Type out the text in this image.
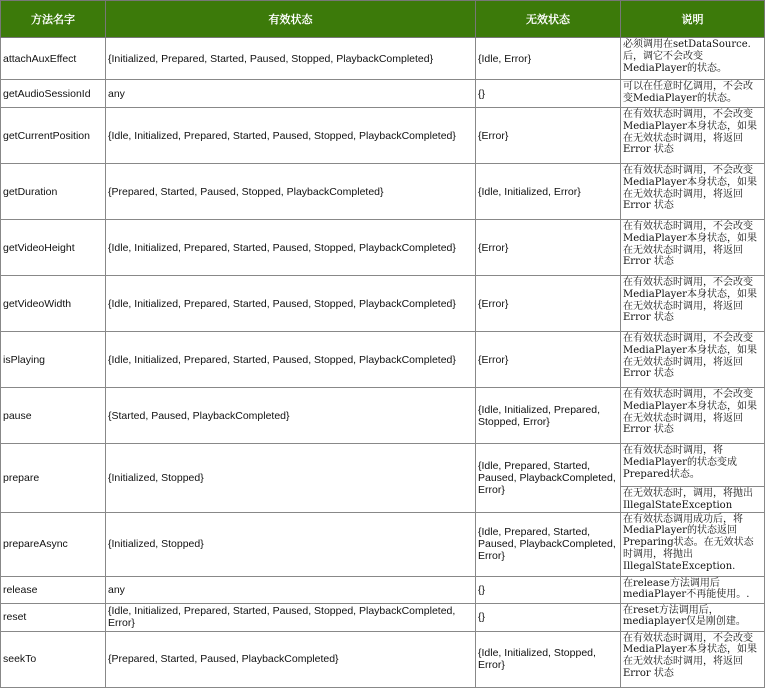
方法名字	有效状态	无效状态	说明
attachAuxEffect	{Initialized, Prepared, Started, Paused, Stopped, PlaybackCompleted}	{Idle, Error}	必须调用在setDataSource.后，调它不会改变MediaPlayer的状态。
getAudioSessionId	any	{}	可以在任意时亿调用，不会改变MediaPlayer的状态。
getCurrentPosition	{Idle, Initialized, Prepared, Started, Paused, Stopped, PlaybackCompleted}	{Error}	在有效状态时调用，不会改变MediaPlayer本身状态，如果在无效状态时调用，将返回Error 状态
getDuration	{Prepared, Started, Paused, Stopped, PlaybackCompleted}	{Idle, Initialized, Error}	在有效状态时调用，不会改变MediaPlayer本身状态，如果在无效状态时调用，将返回Error 状态
getVideoHeight	{Idle, Initialized, Prepared, Started, Paused, Stopped, PlaybackCompleted}	{Error}	在有效状态时调用，不会改变MediaPlayer本身状态，如果在无效状态时调用，将返回Error 状态
getVideoWidth	{Idle, Initialized, Prepared, Started, Paused, Stopped, PlaybackCompleted}	{Error}	在有效状态时调用，不会改变MediaPlayer本身状态，如果在无效状态时调用，将返回Error 状态
isPlaying	{Idle, Initialized, Prepared, Started, Paused, Stopped, PlaybackCompleted}	{Error}	在有效状态时调用，不会改变MediaPlayer本身状态，如果在无效状态时调用，将返回Error 状态
pause	{Started, Paused, PlaybackCompleted}	{Idle, Initialized, Prepared, Stopped, Error}	在有效状态时调用，不会改变MediaPlayer本身状态，如果在无效状态时调用，将返回Error 状态
prepare	{Initialized, Stopped}	{Idle, Prepared, Started, Paused, PlaybackCompleted, Error}	在有效状态时调用，将MediaPlayer的状态变成Prepared状态。
			在无效状态时，调用，将抛出IllegalStateException
prepareAsync	{Initialized, Stopped}	{Idle, Prepared, Started, Paused, PlaybackCompleted, Error}	在有效状态调用成功后，将MediaPlayer的状态返回Preparing状态。在无效状态时调用，将抛出IllegalStateException.
release	any	{}	在release方法调用后mediaPlayer不再能使用。.
reset	{Idle, Initialized, Prepared, Started, Paused, Stopped, PlaybackCompleted, Error}	{}	在reset方法调用后，mediaplayer仅是刚创建。
seekTo	{Prepared, Started, Paused, PlaybackCompleted}	{Idle, Initialized, Stopped, Error}	在有效状态时调用，不会改变MediaPlayer本身状态，如果在无效状态时调用，将返回Error 状态
